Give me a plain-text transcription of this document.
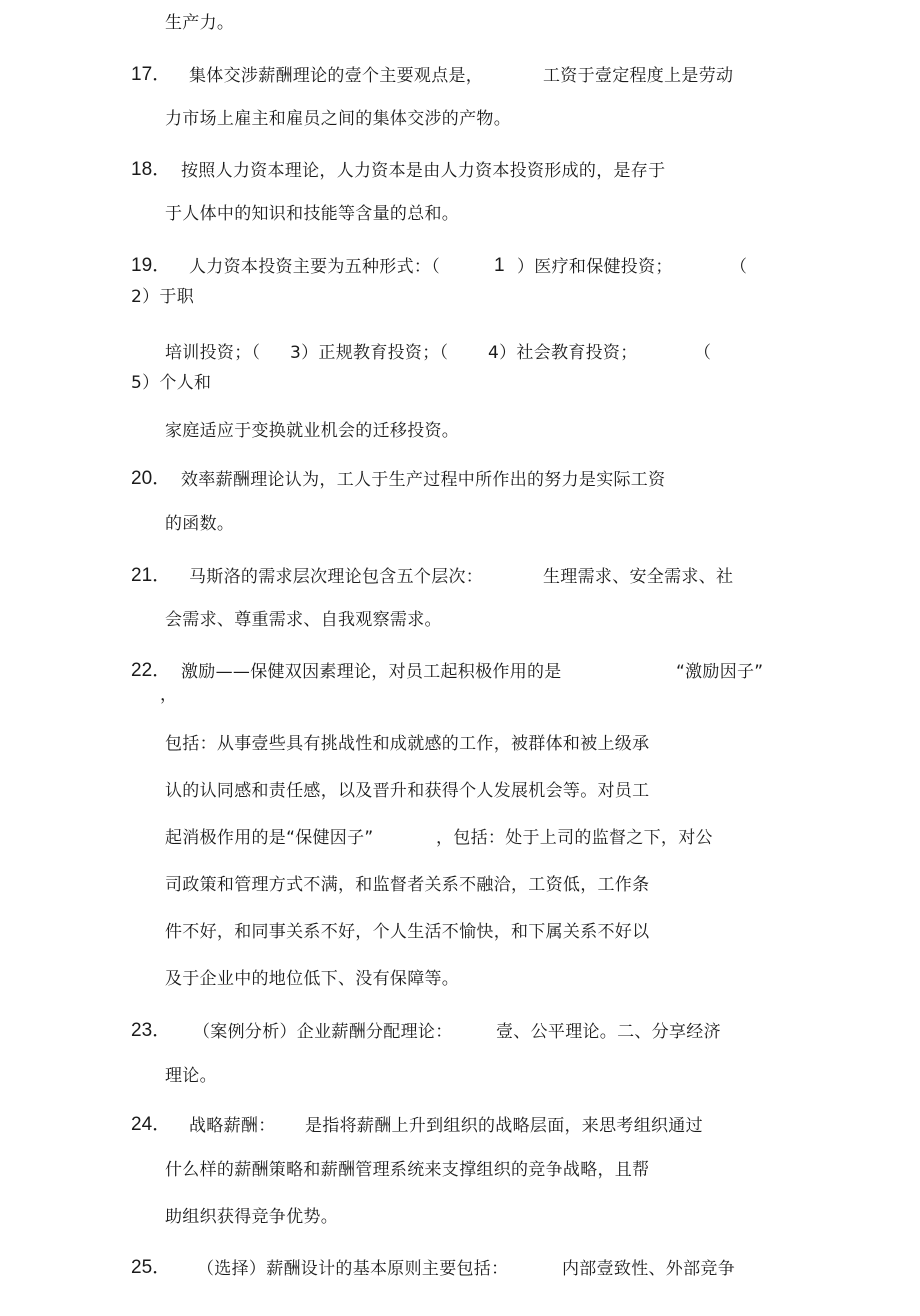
生产力。
17． 集体交涉薪酬理论的壹个主要观点是，	工资于壹定程度上是劳动
力市场上雇主和雇员之间的集体交涉的产物。
18． 按照人力资本理论，人力资本是由人力资本投资形成的，是存于
于人体中的知识和技能等含量的总和。
19． 人力资本投资主要为五种形式：（	1 ）医疗和保健投资；	（
2）于职
培训投资；（ 3）正规教育投资；（ 4）社会教育投资；	（
5）个人和
家庭适应于变换就业机会的迁移投资。
20． 效率薪酬理论认为，工人于生产过程中所作出的努力是实际工资
的函数。
21． 马斯洛的需求层次理论包含五个层次：	生理需求、安全需求、社
会需求、尊重需求、自我观察需求。
22． 激励——保健双因素理论，对员工起积极作用的是	“激励因子”
，
包括：从事壹些具有挑战性和成就感的工作，被群体和被上级承
认的认同感和责任感，以及晋升和获得个人发展机会等。对员工
起消极作用的是“保健因子”	，包括：处于上司的监督之下，对公
司政策和管理方式不满，和监督者关系不融洽，工资低，工作条
件不好，和同事关系不好，个人生活不愉快，和下属关系不好以
及于企业中的地位低下、没有保障等。
23． （案例分析）企业薪酬分配理论：	壹、公平理论。二、分享经济
理论。
24． 战略薪酬： 是指将薪酬上升到组织的战略层面，来思考组织通过
什么样的薪酬策略和薪酬管理系统来支撑组织的竞争战略，且帮
助组织获得竞争优势。
25． （选择）薪酬设计的基本原则主要包括：	内部壹致性、外部竞争
